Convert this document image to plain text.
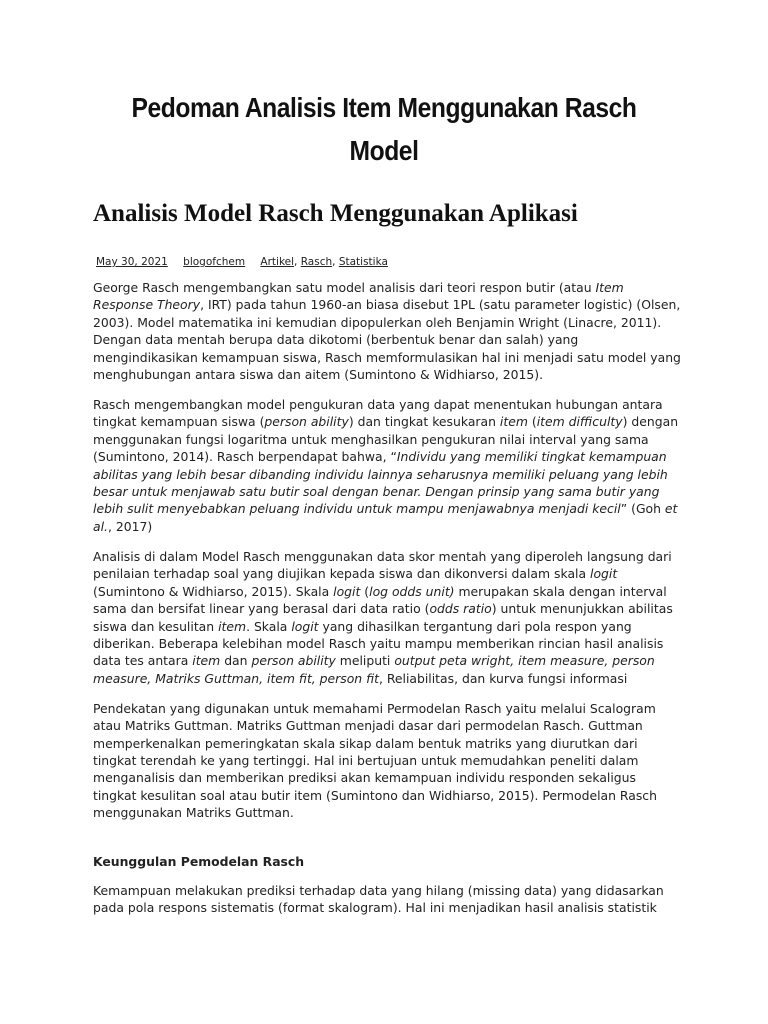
Pedoman Analisis Item Menggunakan Rasch Model
Analisis Model Rasch Menggunakan Aplikasi
May 30, 2021 blogofchem Artikel, Rasch, Statistika

George Rasch mengembangkan satu model analisis dari teori respon butir (atau Item Response Theory, IRT) pada tahun 1960-an biasa disebut 1PL (satu parameter logistic) (Olsen, 2003). Model matematika ini kemudian dipopulerkan oleh Benjamin Wright (Linacre, 2011). Dengan data mentah berupa data dikotomi (berbentuk benar dan salah) yang mengindikasikan kemampuan siswa, Rasch memformulasikan hal ini menjadi satu model yang menghubungan antara siswa dan aitem (Sumintono & Widhiarso, 2015).

Rasch mengembangkan model pengukuran data yang dapat menentukan hubungan antara tingkat kemampuan siswa (person ability) dan tingkat kesukaran item (item difficulty) dengan menggunakan fungsi logaritma untuk menghasilkan pengukuran nilai interval yang sama (Sumintono, 2014). Rasch berpendapat bahwa, “Individu yang memiliki tingkat kemampuan abilitas yang lebih besar dibanding individu lainnya seharusnya memiliki peluang yang lebih besar untuk menjawab satu butir soal dengan benar. Dengan prinsip yang sama butir yang lebih sulit menyebabkan peluang individu untuk mampu menjawabnya menjadi kecil” (Goh et al., 2017)

Analisis di dalam Model Rasch menggunakan data skor mentah yang diperoleh langsung dari penilaian terhadap soal yang diujikan kepada siswa dan dikonversi dalam skala logit (Sumintono & Widhiarso, 2015). Skala logit (log odds unit) merupakan skala dengan interval sama dan bersifat linear yang berasal dari data ratio (odds ratio) untuk menunjukkan abilitas siswa dan kesulitan item. Skala logit yang dihasilkan tergantung dari pola respon yang diberikan. Beberapa kelebihan model Rasch yaitu mampu memberikan rincian hasil analisis data tes antara item dan person ability meliputi output peta wright, item measure, person measure, Matriks Guttman, item fit, person fit, Reliabilitas, dan kurva fungsi informasi

Pendekatan yang digunakan untuk memahami Permodelan Rasch yaitu melalui Scalogram atau Matriks Guttman. Matriks Guttman menjadi dasar dari permodelan Rasch. Guttman memperkenalkan pemeringkatan skala sikap dalam bentuk matriks yang diurutkan dari tingkat terendah ke yang tertinggi. Hal ini bertujuan untuk memudahkan peneliti dalam menganalisis dan memberikan prediksi akan kemampuan individu responden sekaligus tingkat kesulitan soal atau butir item (Sumintono dan Widhiarso, 2015). Permodelan Rasch menggunakan Matriks Guttman.

Keunggulan Pemodelan Rasch

Kemampuan melakukan prediksi terhadap data yang hilang (missing data) yang didasarkan pada pola respons sistematis (format skalogram). Hal ini menjadikan hasil analisis statistik
